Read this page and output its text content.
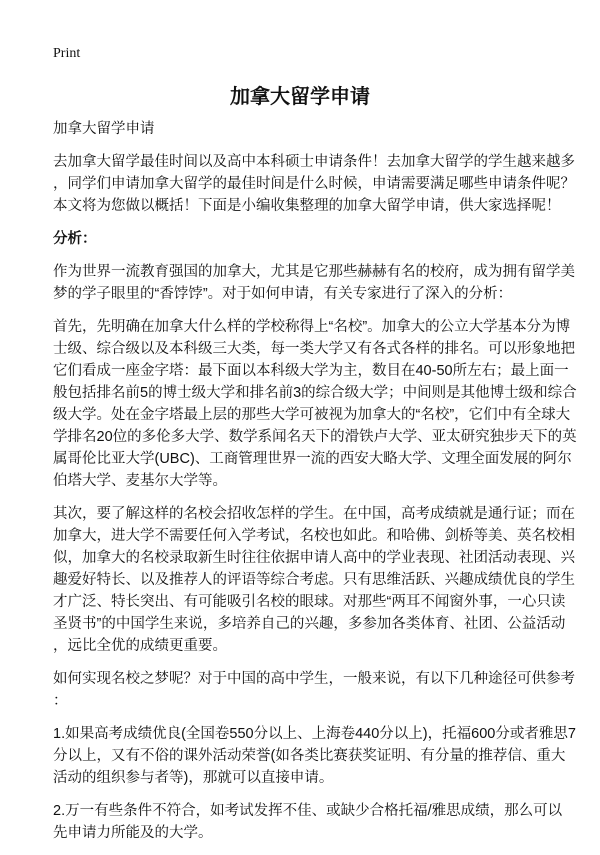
Print
加拿大留学申请

加拿大留学申请

去加拿大留学最佳时间以及高中本科硕士申请条件！去加拿大留学的学生越来越多
，同学们申请加拿大留学的最佳时间是什么时候，申请需要满足哪些申请条件呢？
本文将为您做以概括！下面是小编收集整理的加拿大留学申请，供大家选择呢！

分析：

作为世界一流教育强国的加拿大，尤其是它那些赫赫有名的校府，成为拥有留学美
梦的学子眼里的“香饽饽”。对于如何申请，有关专家进行了深入的分析：

首先，先明确在加拿大什么样的学校称得上“名校”。加拿大的公立大学基本分为博
士级、综合级以及本科级三大类，每一类大学又有各式各样的排名。可以形象地把
它们看成一座金字塔：最下面以本科级大学为主，数目在40-50所左右；最上面一
般包括排名前5的博士级大学和排名前3的综合级大学；中间则是其他博士级和综合
级大学。处在金字塔最上层的那些大学可被视为加拿大的“名校”，它们中有全球大
学排名20位的多伦多大学、数学系闻名天下的滑铁卢大学、亚太研究独步天下的英
属哥伦比亚大学(UBC)、工商管理世界一流的西安大略大学、文理全面发展的阿尔
伯塔大学、麦基尔大学等。

其次，要了解这样的名校会招收怎样的学生。在中国，高考成绩就是通行证；而在
加拿大，进大学不需要任何入学考试，名校也如此。和哈佛、剑桥等美、英名校相
似，加拿大的名校录取新生时往往依据申请人高中的学业表现、社团活动表现、兴
趣爱好特长、以及推荐人的评语等综合考虑。只有思维活跃、兴趣成绩优良的学生
才广泛、特长突出、有可能吸引名校的眼球。对那些“两耳不闻窗外事，一心只读
圣贤书”的中国学生来说，多培养自己的兴趣，多参加各类体育、社团、公益活动
，远比全优的成绩更重要。

如何实现名校之梦呢？对于中国的高中学生，一般来说，有以下几种途径可供参考
：

1.如果高考成绩优良(全国卷550分以上、上海卷440分以上)，托福600分或者雅思7
分以上，又有不俗的课外活动荣誉(如各类比赛获奖证明、有分量的推荐信、重大
活动的组织参与者等)，那就可以直接申请。

2.万一有些条件不符合，如考试发挥不佳、或缺少合格托福/雅思成绩，那么可以
先申请力所能及的大学。
